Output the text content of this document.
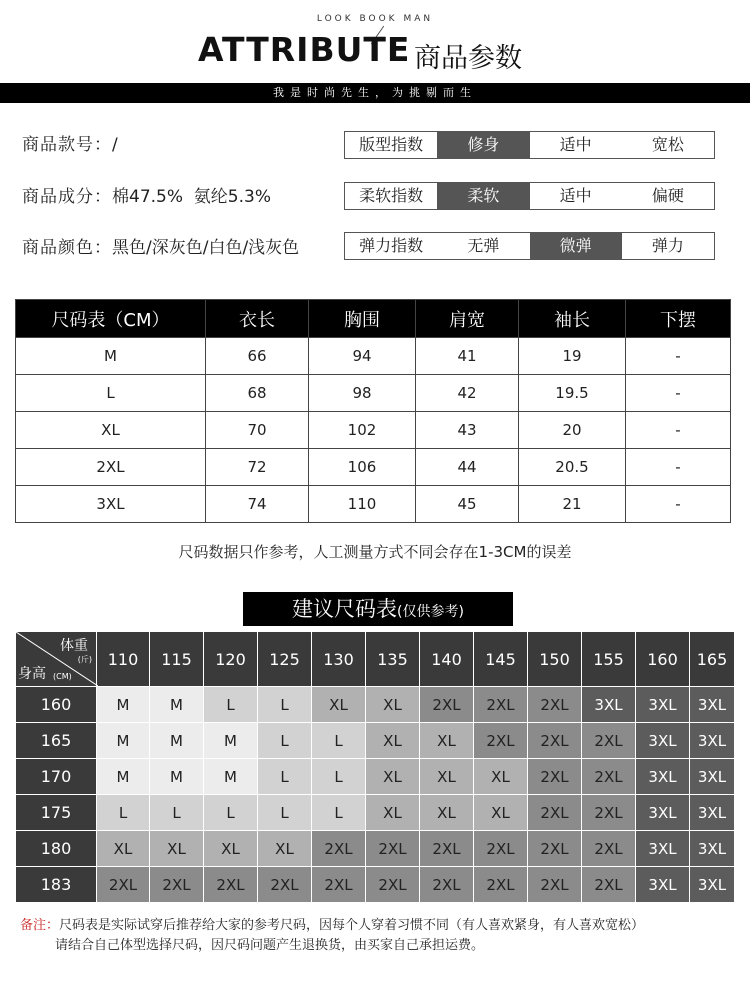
LOOK BOOK MAN
ATTRIBUTE 商品参数
我是时尚先生，为挑剔而生
商品款号：/
商品成分：棉47.5%  氨纶5.3%
商品颜色：黑色/深灰色/白色/浅灰色
版型指数	修身	适中	宽松
柔软指数	柔软	适中	偏硬
弹力指数	无弹	微弹	弹力
尺码表（CM）	衣长	胸围	肩宽	袖长	下摆
M	66	94	41	19	-
L	68	98	42	19.5	-
XL	70	102	43	20	-
2XL	72	106	44	20.5	-
3XL	74	110	45	21	-
尺码数据只作参考，人工测量方式不同会存在1-3CM的误差
建议尺码表(仅供参考)
体重
(斤)
身高 (CM)	110	115	120	125	130	135	140	145	150	155	160	165
160	M	M	L	L	XL	XL	2XL	2XL	2XL	3XL	3XL	3XL
165	M	M	M	L	L	XL	XL	2XL	2XL	2XL	3XL	3XL
170	M	M	M	L	L	XL	XL	XL	2XL	2XL	3XL	3XL
175	L	L	L	L	L	XL	XL	XL	2XL	2XL	3XL	3XL
180	XL	XL	XL	XL	2XL	2XL	2XL	2XL	2XL	2XL	3XL	3XL
183	2XL	2XL	2XL	2XL	2XL	2XL	2XL	2XL	2XL	2XL	3XL	3XL
备注：尺码表是实际试穿后推荐给大家的参考尺码，因每个人穿着习惯不同（有人喜欢紧身，有人喜欢宽松）
请结合自己体型选择尺码，因尺码问题产生退换货，由买家自己承担运费。
